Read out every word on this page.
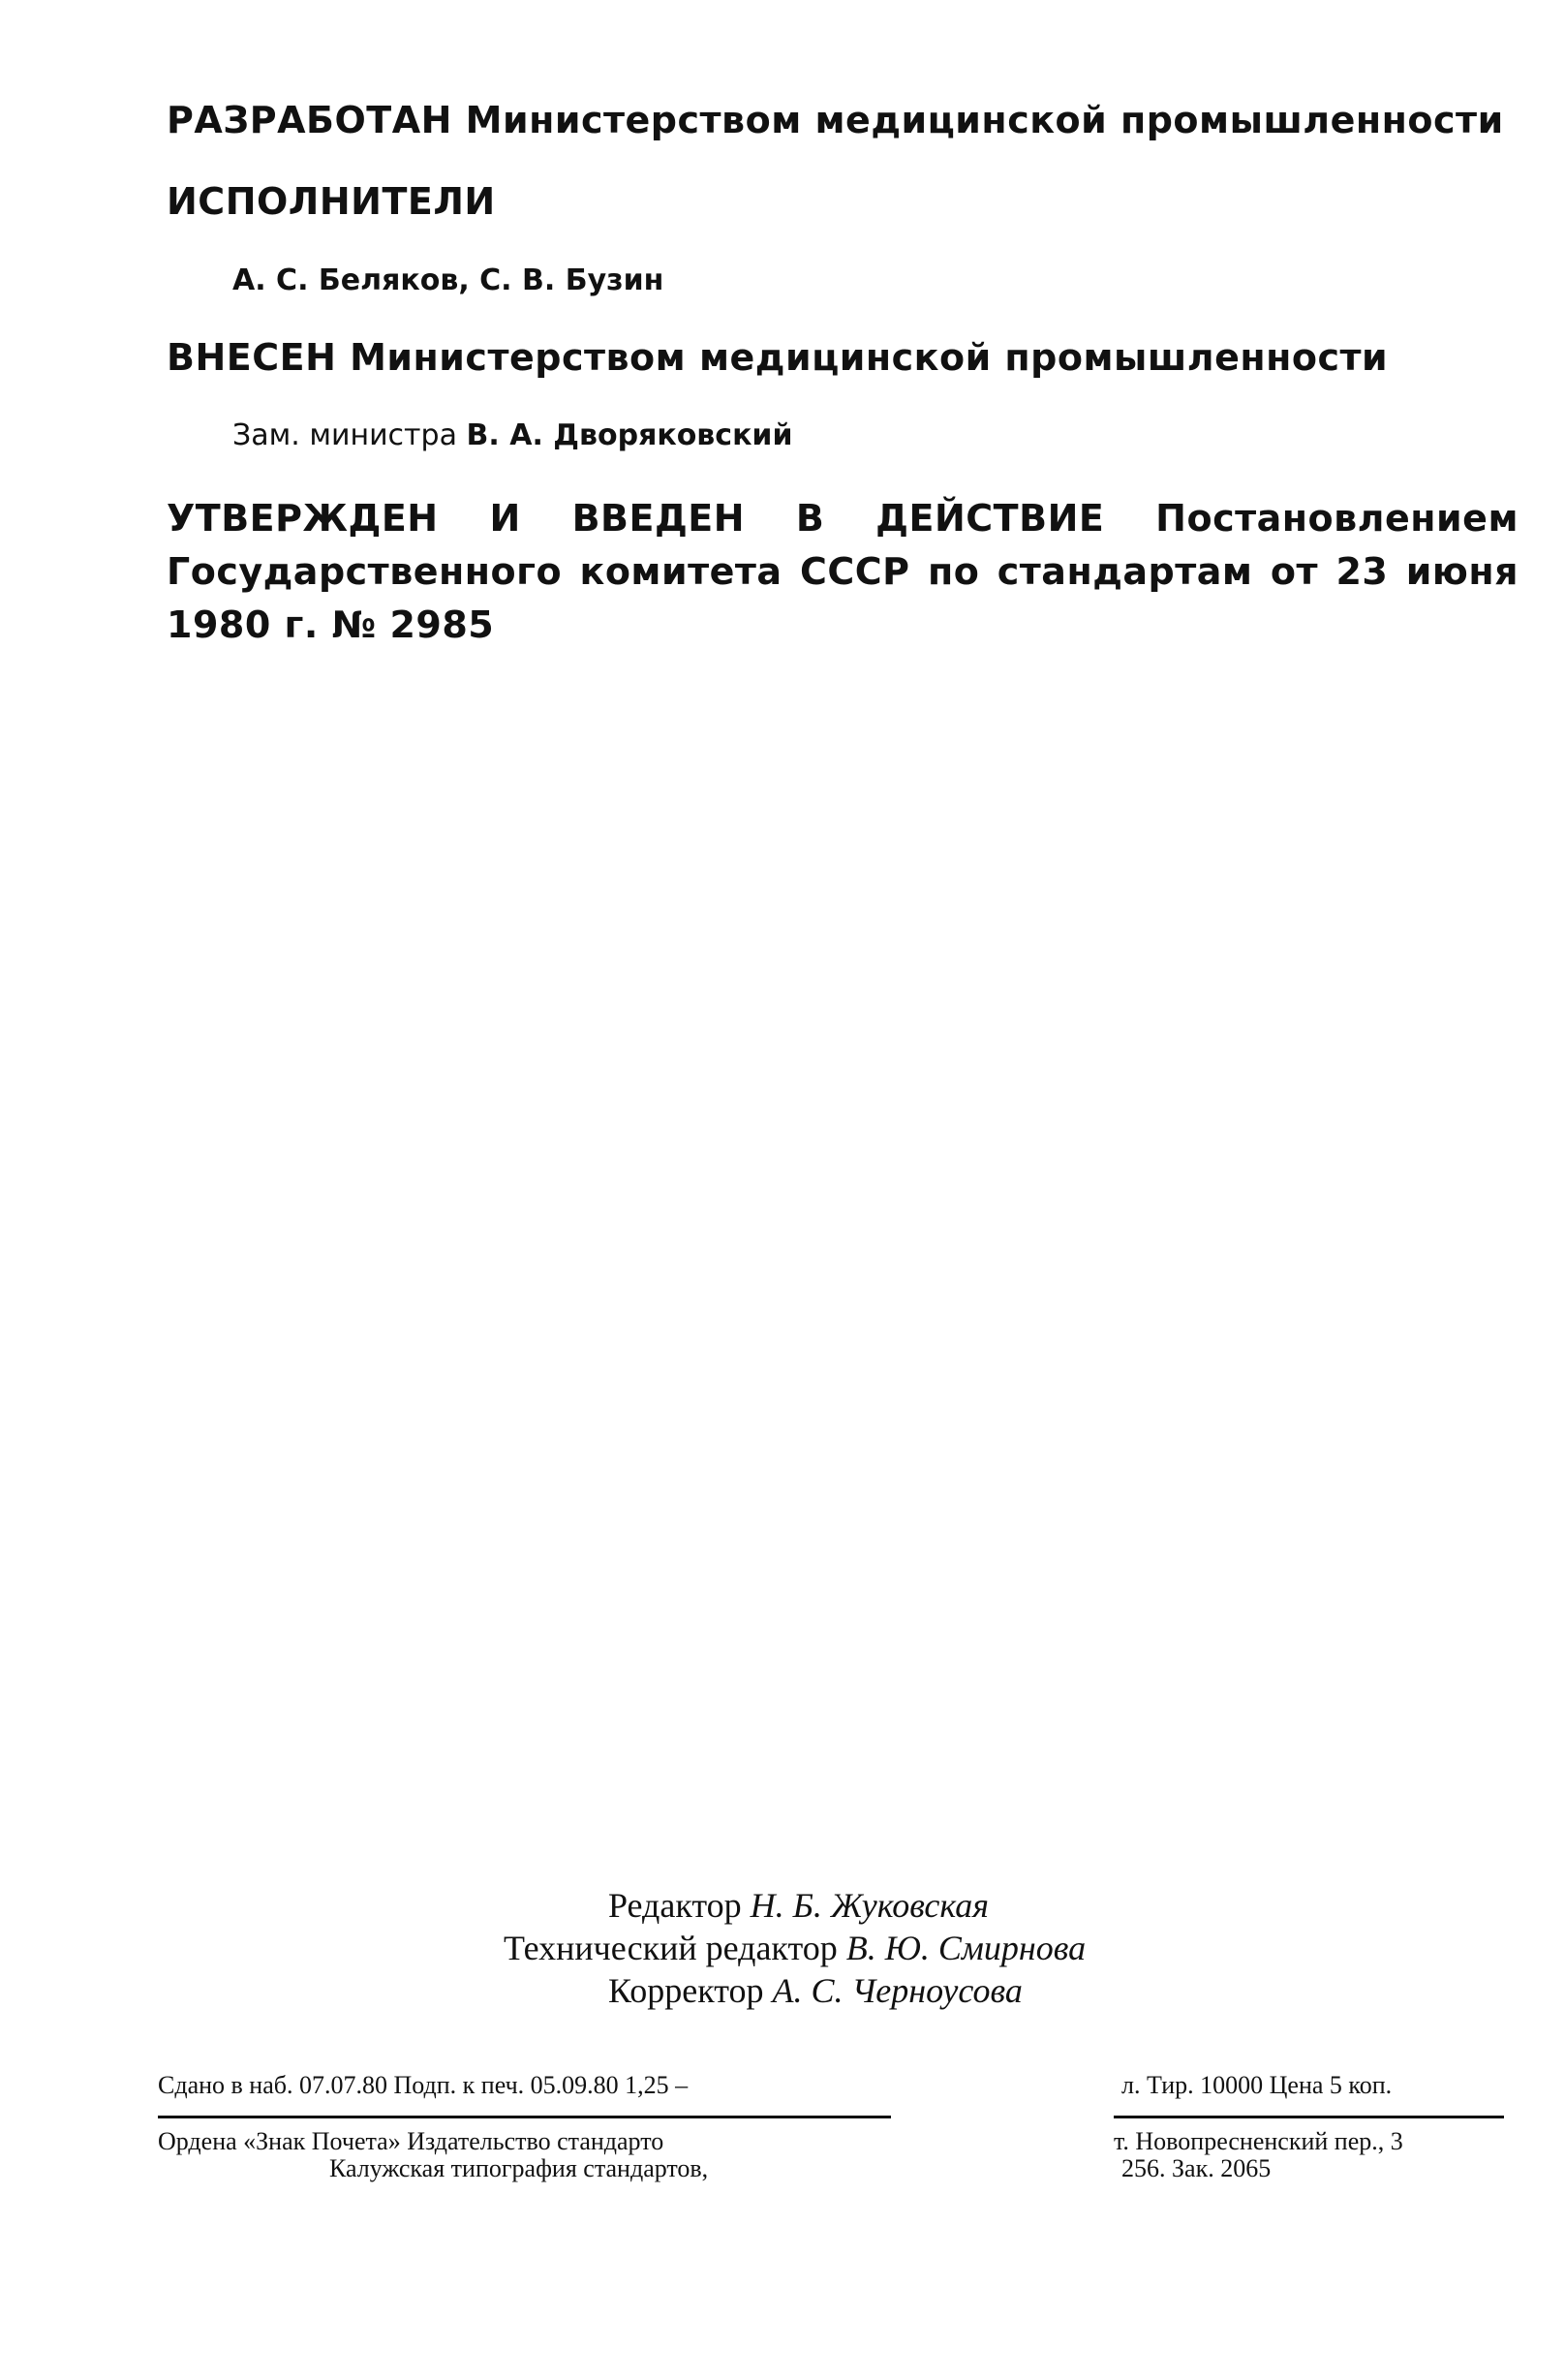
РАЗРАБОТАН Министерством медицинской промышленности
ИСПОЛНИТЕЛИ
А. С. Беляков, С. В. Бузин
ВНЕСЕН Министерством медицинской промышленности
Зам. министра В. А. Дворяковский
УТВЕРЖДЕН И ВВЕДЕН В ДЕЙСТВИЕ Постановлением Государственного комитета СССР по стандартам от 23 июня 1980 г. № 2985
Редактор Н. Б. Жуковская
Технический редактор В. Ю. Смирнова
Корректор А. С. Черноусова
Сдано в наб. 07.07.80 Подп. к печ. 05.09.80 1,25 –	л. Тир. 10000 Цена 5 коп.
Ордена «Знак Почета» Издательство стандарто	т. Новопресненский пер., 3
Калужская типография стандартов,	256. Зак. 2065
